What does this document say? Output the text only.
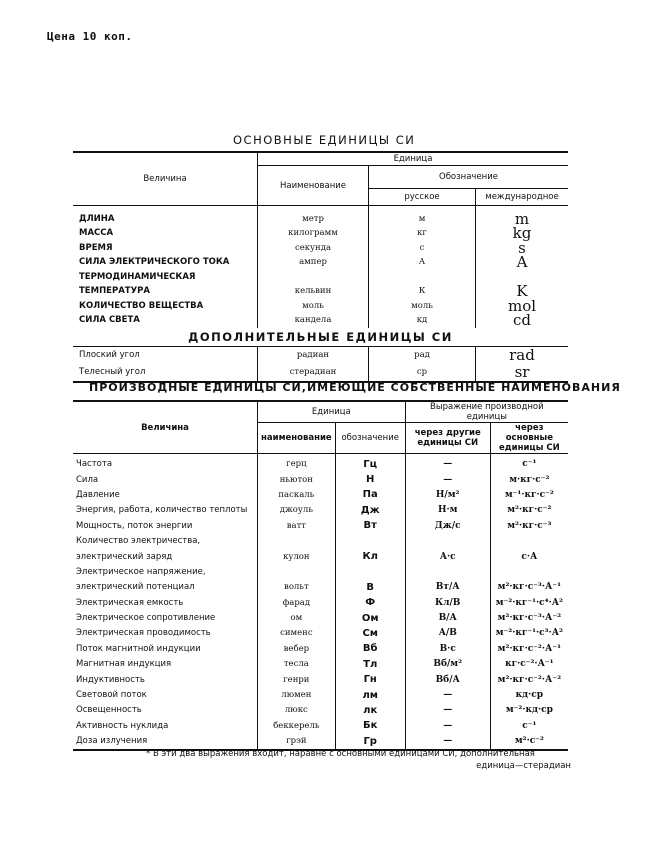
Цена 10 коп.
ОСНОВНЫЕ ЕДИНИЦЫ СИ
Величина	Единица		
	Наименование	Обозначение	
		русское	международное

ДЛИНА	метр	м	m
МАССА	килограмм	кг	kg
ВРЕМЯ	секунда	с	s
СИЛА ЭЛЕКТРИЧЕСКОГО ТОКА	ампер	А	A
ТЕРМОДИНАМИЧЕСКАЯ			
ТЕМПЕРАТУРА	кельвин	К	K
КОЛИЧЕСТВО ВЕЩЕСТВА	моль	моль	mol
СИЛА СВЕТА	кандела	кд	cd
ДОПОЛНИТЕЛЬНЫЕ ЕДИНИЦЫ СИ			
Плоский угол	радиан	рад	rad
Телесный угол	стерадиан	ср	sr
ПРОИЗВОДНЫЕ ЕДИНИЦЫ СИ,ИМЕЮЩИЕ СОБСТВЕННЫЕ НАИМЕНОВАНИЯ
Величина	Единица		Выражение производной единицы	
	наименование	обозначение	через другие единицы СИ	через основные единицы СИ

Частота	герц	Гц	—	с⁻¹
Сила	ньютон	Н	—	м·кг·с⁻²
Давление	паскаль	Па	Н/м²	м⁻¹·кг·с⁻²
Энергия, работа, количество теплоты	джоуль	Дж	Н·м	м²·кг·с⁻²
Мощность, поток энергии	ватт	Вт	Дж/с	м²·кг·с⁻³
Количество электричества,				
электрический заряд	кулон	Кл	А·с	с·А
Электрическое напряжение,				
электрический потенциал	вольт	В	Вт/А	м²·кг·с⁻³·А⁻¹
Электрическая емкость	фарад	Ф	Кл/В	м⁻²·кг⁻¹·с⁴·А²
Электрическое сопротивление	ом	Ом	В/А	м²·кг·с⁻³·А⁻²
Электрическая проводимость	сименс	См	А/В	м⁻²·кг⁻¹·с³·А²
Поток магнитной индукции	вебер	Вб	В·с	м²·кг·с⁻²·А⁻¹
Магнитная индукция	тесла	Тл	Вб/м²	кг·с⁻²·А⁻¹
Индуктивность	генри	Гн	Вб/А	м²·кг·с⁻²·А⁻²
Световой поток	люмен	лм	—	кд·ср
Освещенность	люкс	лк	—	м⁻²·кд·ср
Активность нуклида	беккерель	Бк	—	с⁻¹
Доза излучения	грэй	Гр	—	м²·с⁻²
* В эти два выражения входит, наравне с основными единицами СИ, дополнительная
единица—стерадиан
